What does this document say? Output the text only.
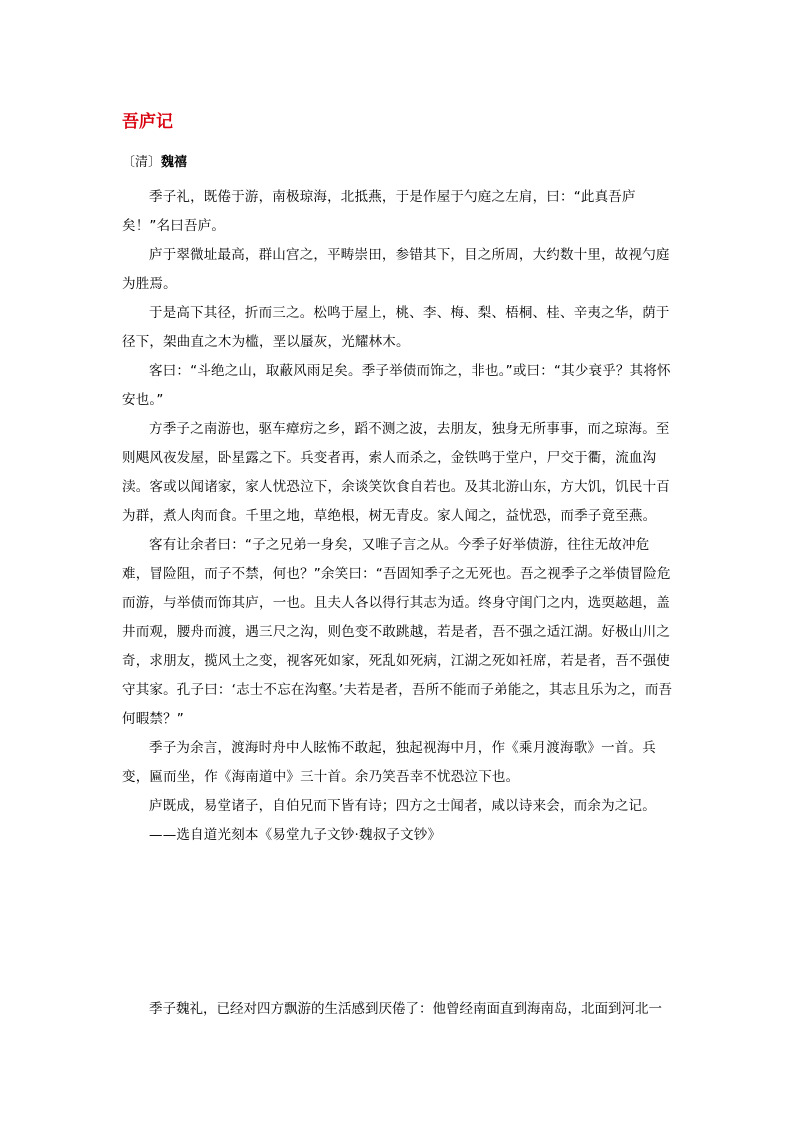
吾庐记
〔清〕魏禧

季子礼，既倦于游，南极琼海，北抵燕，于是作屋于勺庭之左肩，曰：“此真吾庐矣！”名曰吾庐。

庐于翠微址最高，群山宫之，平畴崇田，参错其下，目之所周，大约数十里，故视勺庭为胜焉。

于是高下其径，折而三之。松鸣于屋上，桃、李、梅、梨、梧桐、桂、辛夷之华，荫于径下，架曲直之木为槛，垩以蜃灰，光耀林木。

客曰：“斗绝之山，取蔽风雨足矣。季子举债而饰之，非也。”或曰：“其少衰乎？其将怀安也。”

方季子之南游也，驱车瘴疠之乡，蹈不测之波，去朋友，独身无所事事，而之琼海。至则飓风夜发屋，卧星露之下。兵变者再，索人而杀之，金铁鸣于堂户，尸交于衢，流血沟渎。客或以闻诸家，家人忧恐泣下，余谈笑饮食自若也。及其北游山东，方大饥，饥民十百为群，煮人肉而食。千里之地，草绝根，树无青皮。家人闻之，益忧恐，而季子竟至燕。

客有让余者曰：“子之兄弟一身矣，又唯子言之从。今季子好举债游，往往无故冲危难，冒险阻，而子不禁，何也？”余笑曰：“吾固知季子之无死也。吾之视季子之举债冒险危而游，与举债而饰其庐，一也。且夫人各以得行其志为适。终身守闺门之内，选耎趑趄，盖井而观，腰舟而渡，遇三尺之沟，则色变不敢跳越，若是者，吾不强之适江湖。好极山川之奇，求朋友，揽风土之变，视客死如家，死乱如死病，江湖之死如衽席，若是者，吾不强使守其家。孔子曰：‘志士不忘在沟壑。’夫若是者，吾所不能而子弟能之，其志且乐为之，而吾何暇禁？”

季子为余言，渡海时舟中人眩怖不敢起，独起视海中月，作《乘月渡海歌》一首。兵变，匾而坐，作《海南道中》三十首。余乃笑吾幸不忧恐泣下也。

庐既成，易堂诸子，自伯兄而下皆有诗；四方之士闻者，咸以诗来会，而余为之记。

——选自道光刻本《易堂九子文钞·魏叔子文钞》

季子魏礼，已经对四方飘游的生活感到厌倦了：他曾经南面直到海南岛，北面到河北一
